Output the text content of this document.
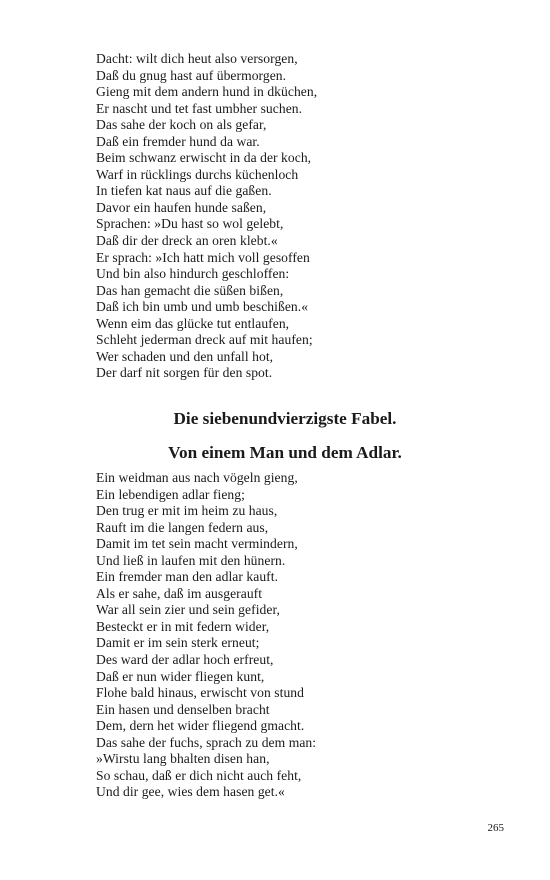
Dacht: wilt dich heut also versorgen,
Daß du gnug hast auf übermorgen.
Gieng mit dem andern hund in dküchen,
Er nascht und tet fast umbher suchen.
Das sahe der koch on als gefar,
Daß ein fremder hund da war.
Beim schwanz erwischt in da der koch,
Warf in rücklings durchs küchenloch
In tiefen kat naus auf die gaßen.
Davor ein haufen hunde saßen,
Sprachen: »Du hast so wol gelebt,
Daß dir der dreck an oren klebt.«
Er sprach: »Ich hatt mich voll gesoffen
Und bin also hindurch geschloffen:
Das han gemacht die süßen bißen,
Daß ich bin umb und umb beschißen.«
Wenn eim das glücke tut entlaufen,
Schleht jederman dreck auf mit haufen;
Wer schaden und den unfall hot,
Der darf nit sorgen für den spot.
Die siebenundvierzigste Fabel.
Von einem Man und dem Adlar.
Ein weidman aus nach vögeln gieng,
Ein lebendigen adlar fieng;
Den trug er mit im heim zu haus,
Rauft im die langen federn aus,
Damit im tet sein macht vermindern,
Und ließ in laufen mit den hünern.
Ein fremder man den adlar kauft.
Als er sahe, daß im ausgerauft
War all sein zier und sein gefider,
Besteckt er in mit federn wider,
Damit er im sein sterk erneut;
Des ward der adlar hoch erfreut,
Daß er nun wider fliegen kunt,
Flohe bald hinaus, erwischt von stund
Ein hasen und denselben bracht
Dem, dern het wider fliegend gmacht.
Das sahe der fuchs, sprach zu dem man:
»Wirstu lang bhalten disen han,
So schau, daß er dich nicht auch feht,
Und dir gee, wies dem hasen get.«
265
